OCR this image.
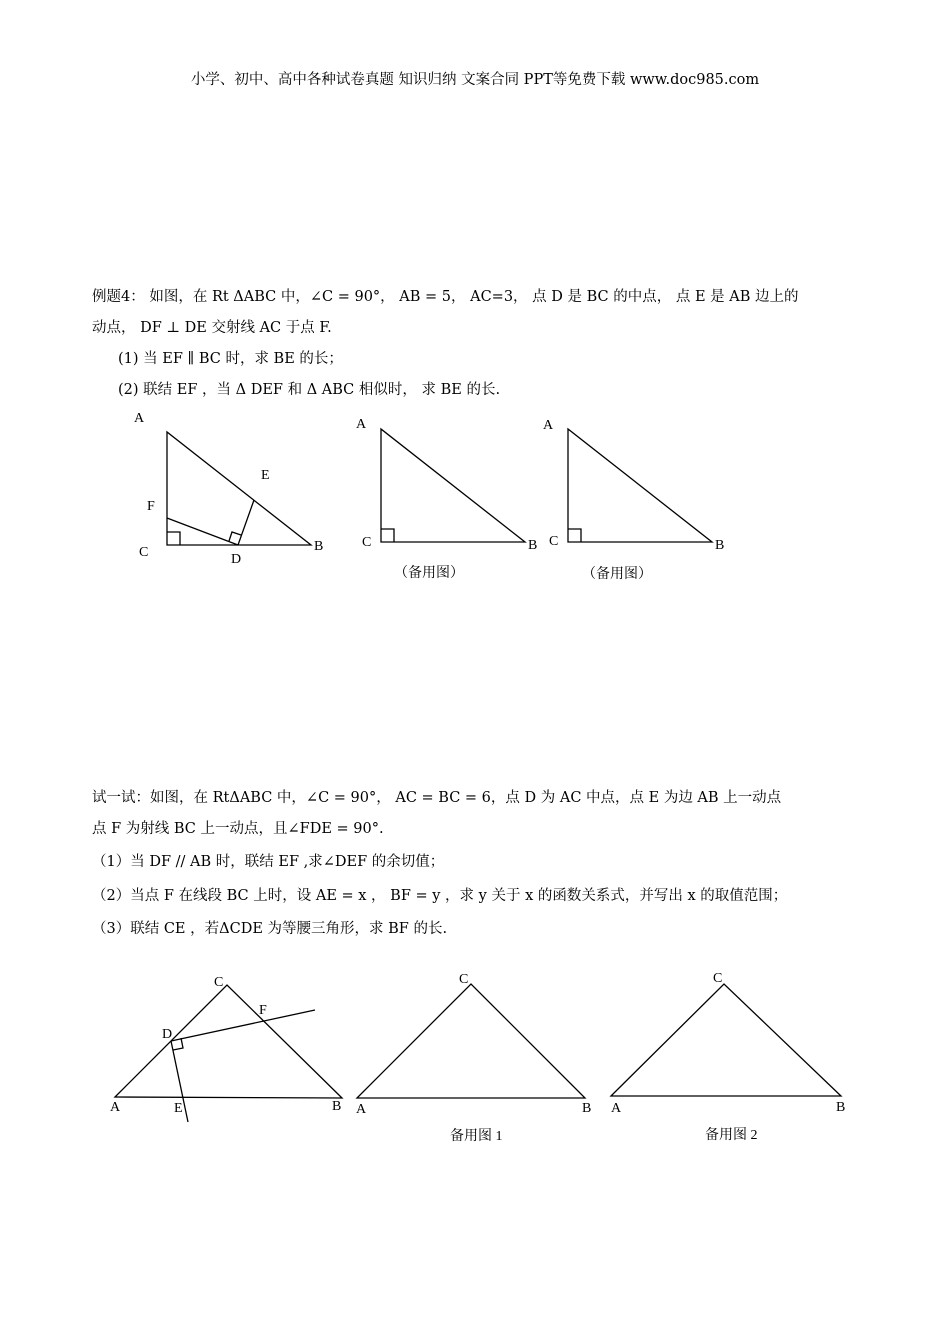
小学、初中、高中各种试卷真题 知识归纳 文案合同 PPT等免费下载 www.doc985.com
例题4： 如图，在 Rt ΔABC 中，∠C = 90°， AB = 5， AC=3， 点 D 是 BC 的中点， 点 E 是 AB 边上的
动点， DF ⊥ DE 交射线 AC 于点 F.
(1) 当 EF ∥ BC 时，求 BE 的长；
(2) 联结 EF ，当 Δ DEF 和 Δ ABC 相似时， 求 BE 的长.
试一试：如图，在 RtΔABC 中，∠C = 90°， AC = BC = 6，点 D 为 AC 中点，点 E 为边 AB 上一动点
点 F 为射线 BC 上一动点，且∠FDE = 90°.
（1）当 DF // AB 时，联结 EF ,求∠DEF 的余切值；
（2）当点 F 在线段 BC 上时，设 AE = x ， BF = y ，求 y 关于 x 的函数关系式，并写出 x 的取值范围；
（3）联结 CE ，若ΔCDE 为等腰三角形，求 BF 的长.
A
C	B
D
E
F
A
C	B
（备用图）
A
C	B
（备用图）
C
D
F
A	E	B
C
A	B
备用图 1
C
A	B
备用图 2
